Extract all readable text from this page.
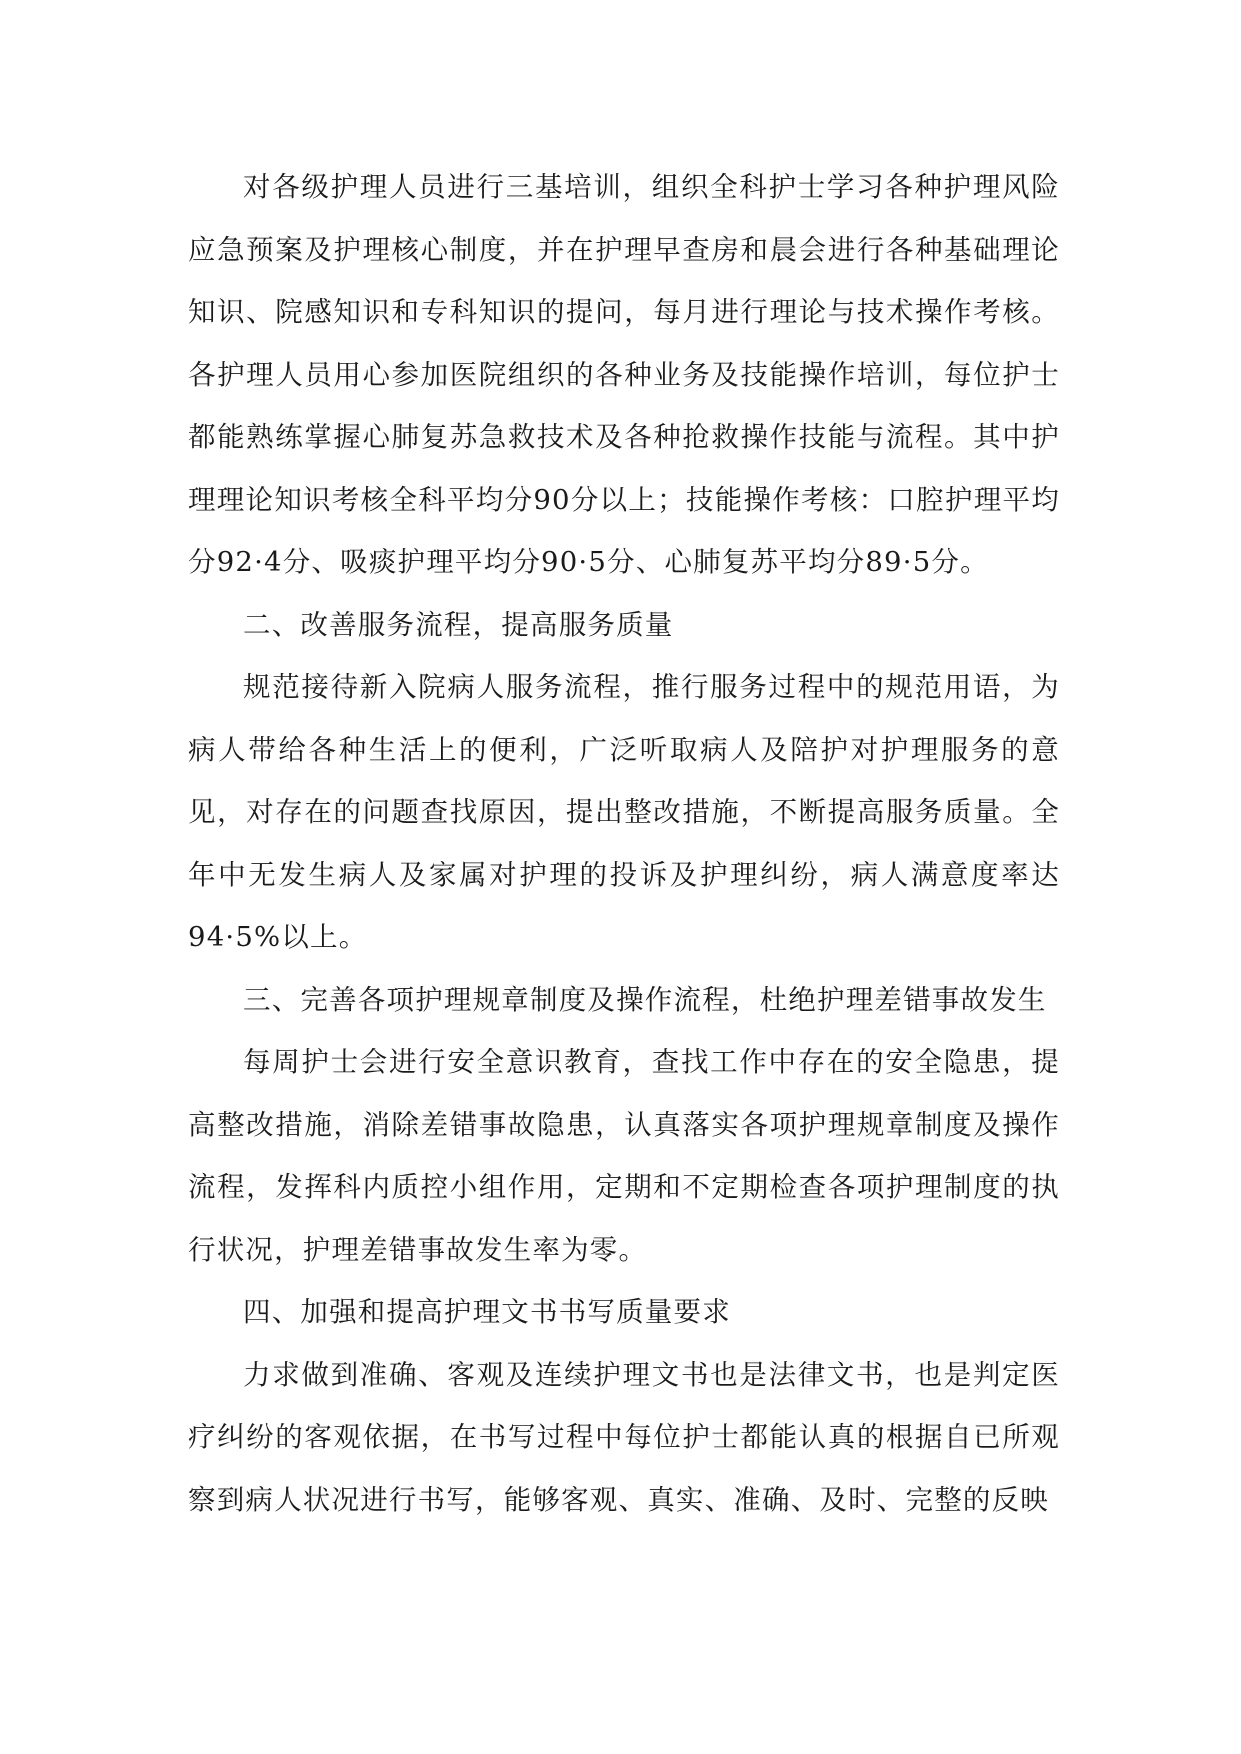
对各级护理人员进行三基培训，组织全科护士学习各种护理风险应急预案及护理核心制度，并在护理早查房和晨会进行各种基础理论知识、院感知识和专科知识的提问，每月进行理论与技术操作考核。各护理人员用心参加医院组织的各种业务及技能操作培训，每位护士都能熟练掌握心肺复苏急救技术及各种抢救操作技能与流程。其中护理理论知识考核全科平均分90分以上；技能操作考核：口腔护理平均分92·4分、吸痰护理平均分90·5分、心肺复苏平均分89·5分。

二、改善服务流程，提高服务质量

规范接待新入院病人服务流程，推行服务过程中的规范用语，为病人带给各种生活上的便利，广泛听取病人及陪护对护理服务的意见，对存在的问题查找原因，提出整改措施，不断提高服务质量。全年中无发生病人及家属对护理的投诉及护理纠纷，病人满意度率达94·5%以上。

三、完善各项护理规章制度及操作流程，杜绝护理差错事故发生

每周护士会进行安全意识教育，查找工作中存在的安全隐患，提高整改措施，消除差错事故隐患，认真落实各项护理规章制度及操作流程，发挥科内质控小组作用，定期和不定期检查各项护理制度的执行状况，护理差错事故发生率为零。

四、加强和提高护理文书书写质量要求

力求做到准确、客观及连续护理文书也是法律文书，也是判定医疗纠纷的客观依据，在书写过程中每位护士都能认真的根据自已所观察到病人状况进行书写，能够客观、真实、准确、及时、完整的反映
